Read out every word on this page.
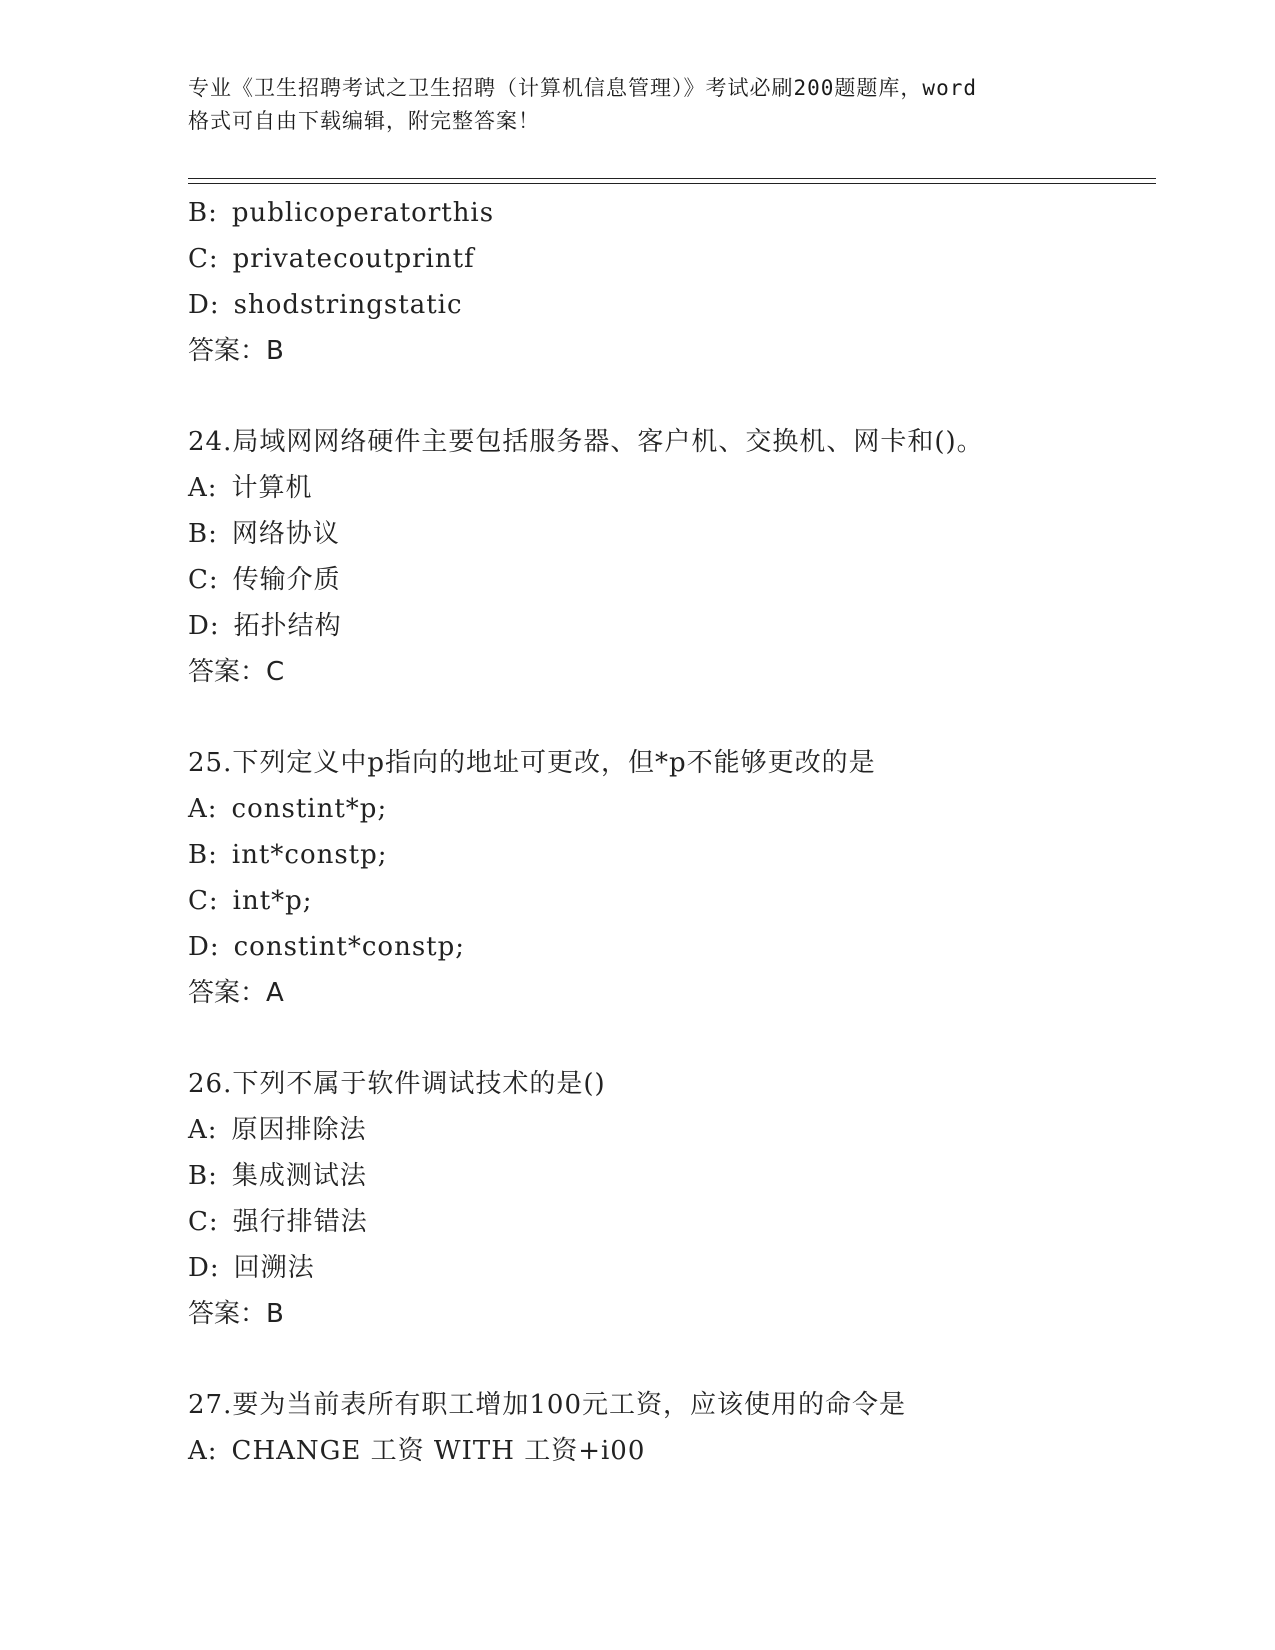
专业《卫生招聘考试之卫生招聘（计算机信息管理）》考试必刷200题题库，word
格式可自由下载编辑，附完整答案！
B: publicoperatorthis
C: privatecoutprintf
D: shodstringstatic
答案：B
24.局域网网络硬件主要包括服务器、客户机、交换机、网卡和()。
A: 计算机
B: 网络协议
C: 传输介质
D: 拓扑结构
答案：C
25.下列定义中p指向的地址可更改，但*p不能够更改的是
A: constint*p;
B: int*constp;
C: int*p;
D: constint*constp;
答案：A
26.下列不属于软件调试技术的是()
A: 原因排除法
B: 集成测试法
C: 强行排错法
D: 回溯法
答案：B
27.要为当前表所有职工增加100元工资，应该使用的命令是
A: CHANGE 工资 WITH 工资+i00
